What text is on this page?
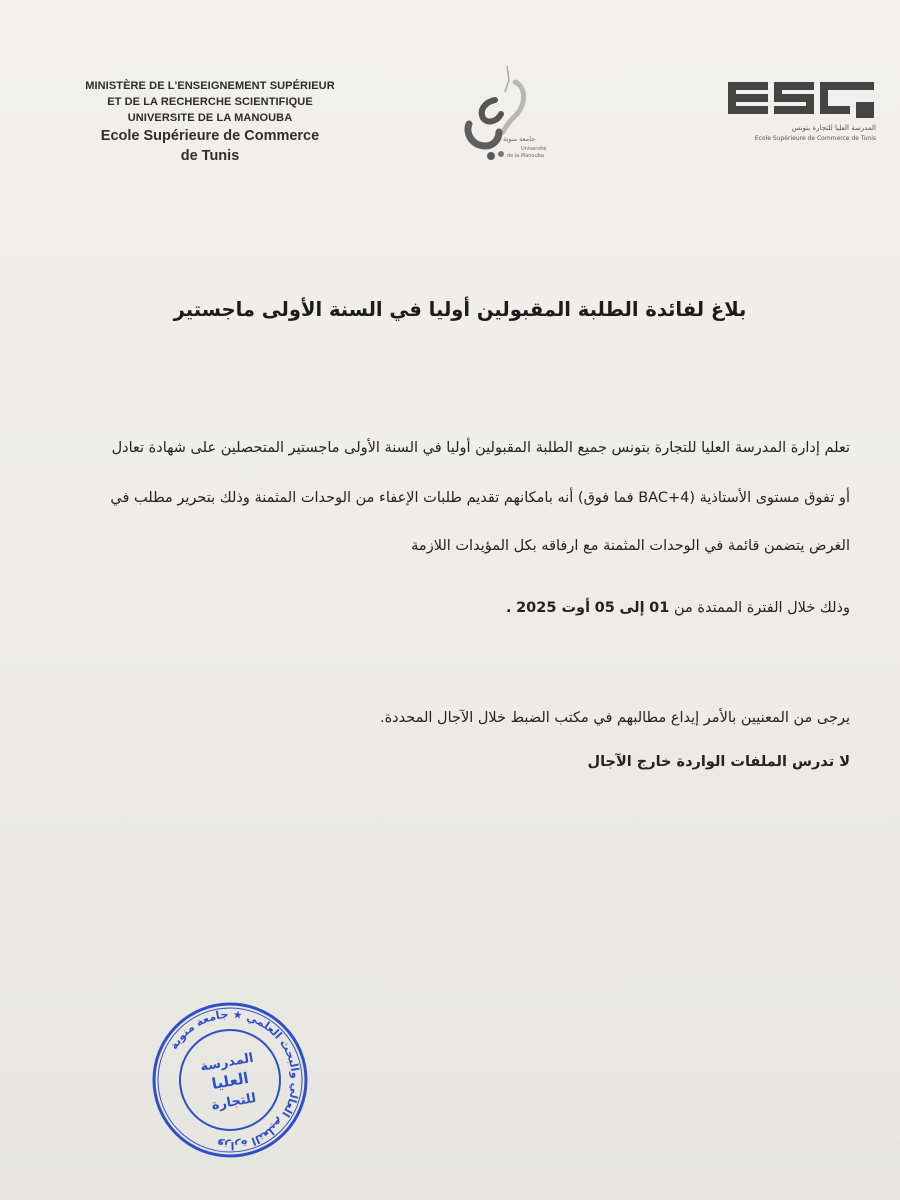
MINISTÈRE DE L'ENSEIGNEMENT SUPÉRIEUR
ET DE LA RECHERCHE SCIENTIFIQUE
UNIVERSITE DE LA MANOUBA
Ecole Supérieure de Commerce
de Tunis
جامعة منوبة
Université
de la Manouba
المدرسة العليا للتجارة بتونس
Ecole Supérieure de Commerce de Tunis
بلاغ لفائدة الطلبة المقبولين أوليا في السنة الأولى ماجستير
تعلم إدارة المدرسة العليا للتجارة بتونس جميع الطلبة المقبولين أوليا في السنة الأولى ماجستير المتحصلين على شهادة تعادل
أو تفوق مستوى الأستاذية (BAC+4 فما فوق) أنه بامكانهم تقديم طلبات الإعفاء من الوحدات المثمنة وذلك بتحرير مطلب في
الغرض يتضمن قائمة في الوحدات المثمنة مع ارفاقه بكل المؤيدات اللازمة
وذلك خلال الفترة الممتدة من 01 إلى 05 أوت 2025 .
يرجى من المعنيين بالأمر إيداع مطالبهم في مكتب الضبط خلال الآجال المحددة.
لا تدرس الملفات الواردة خارج الآجال
وزارة التعليم العالي والبحث العلمي ★ جامعة منوبة
المدرسة
العليا
للتجارة
